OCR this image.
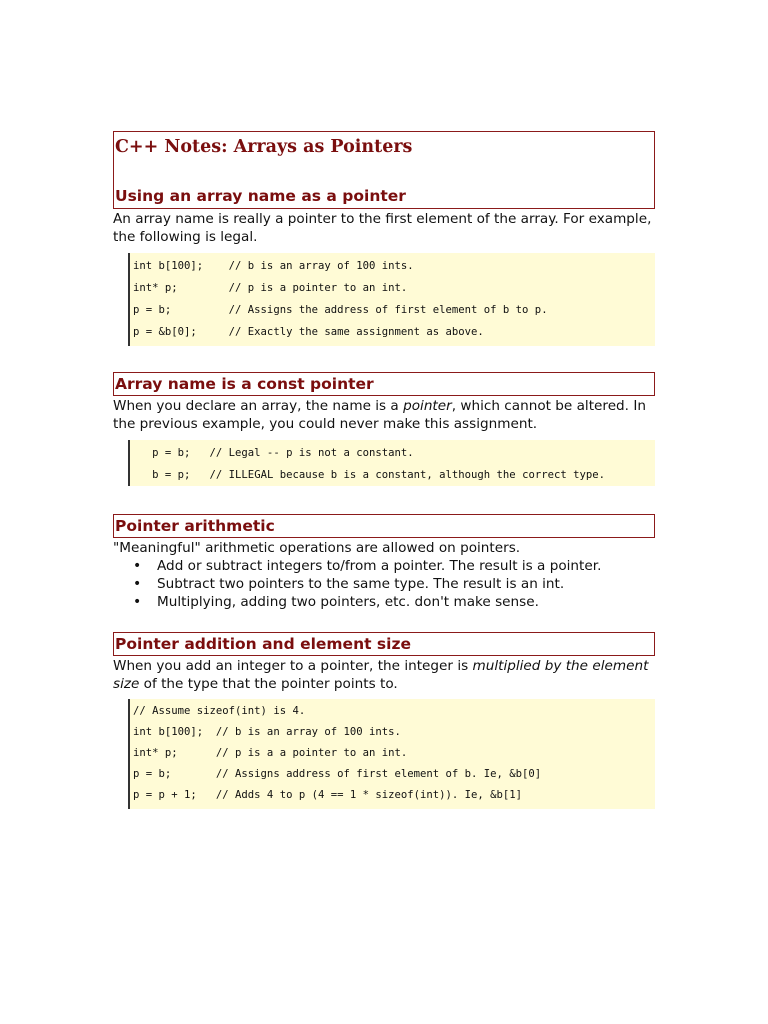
C++ Notes: Arrays as Pointers
Using an array name as a pointer

An array name is really a pointer to the first element of the array. For example, the following is legal.

int b[100];    // b is an array of 100 ints.
int* p;        // p is a pointer to an int.
p = b;         // Assigns the address of first element of b to p.
p = &b[0];     // Exactly the same assignment as above.
Array name is a const pointer

When you declare an array, the name is a pointer, which cannot be altered. In the previous example, you could never make this assignment.

p = b;   // Legal -- p is not a constant.
b = p;   // ILLEGAL because b is a constant, although the correct type.
Pointer arithmetic

"Meaningful" arithmetic operations are allowed on pointers.

• Add or subtract integers to/from a pointer. The result is a pointer.
• Subtract two pointers to the same type. The result is an int.
• Multiplying, adding two pointers, etc. don't make sense.
Pointer addition and element size

When you add an integer to a pointer, the integer is multiplied by the element size of the type that the pointer points to.

// Assume sizeof(int) is 4.
int b[100];  // b is an array of 100 ints.
int* p;      // p is a a pointer to an int.
p = b;       // Assigns address of first element of b. Ie, &b[0]
p = p + 1;   // Adds 4 to p (4 == 1 * sizeof(int)). Ie, &b[1]
